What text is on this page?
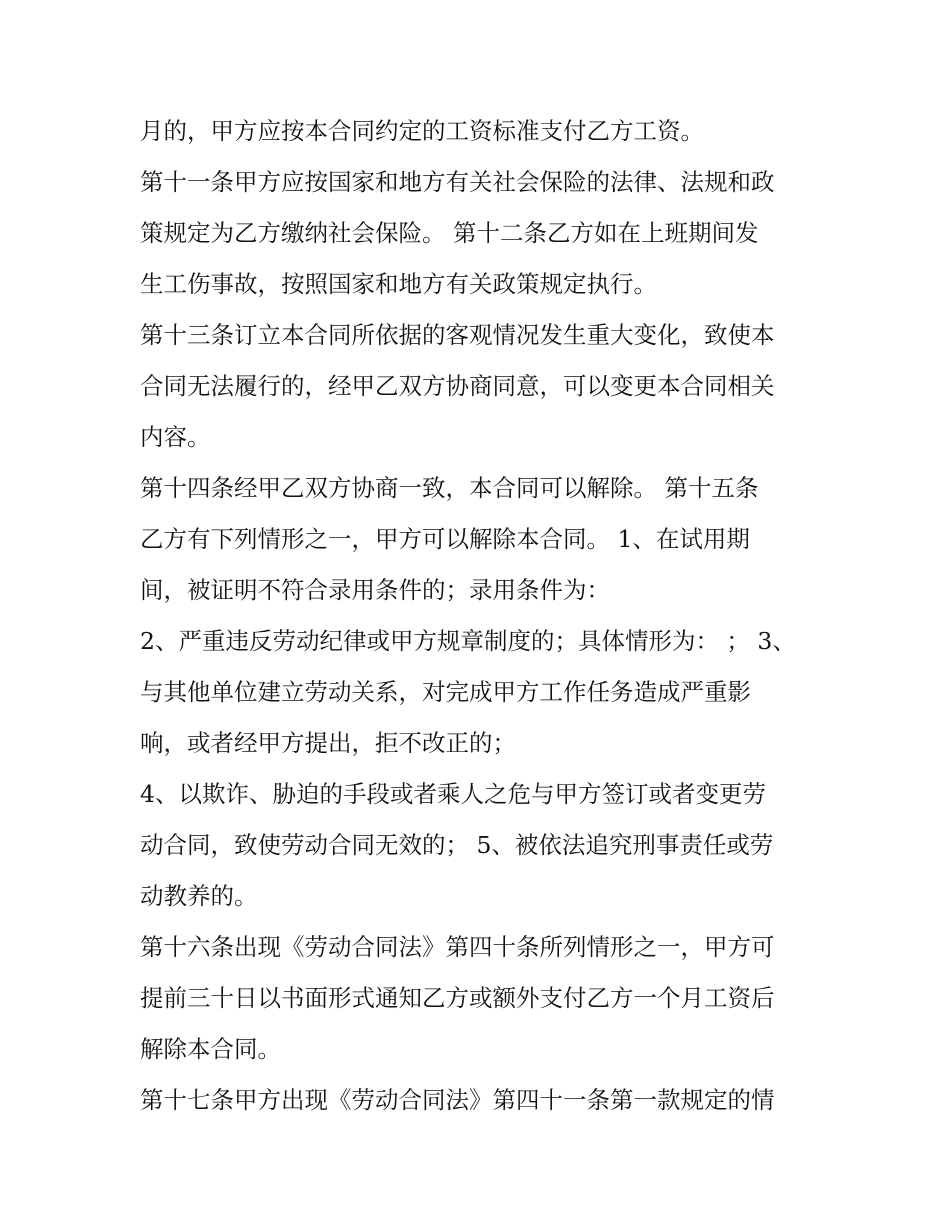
月的，甲方应按本合同约定的工资标准支付乙方工资。
第十一条甲方应按国家和地方有关社会保险的法律、法规和政
策规定为乙方缴纳社会保险。 第十二条乙方如在上班期间发
生工伤事故，按照国家和地方有关政策规定执行。
第十三条订立本合同所依据的客观情况发生重大变化，致使本
合同无法履行的，经甲乙双方协商同意，可以变更本合同相关
内容。
第十四条经甲乙双方协商一致，本合同可以解除。 第十五条
乙方有下列情形之一，甲方可以解除本合同。 1、在试用期
间，被证明不符合录用条件的；录用条件为：
2、严重违反劳动纪律或甲方规章制度的；具体情形为： ； 3、
与其他单位建立劳动关系，对完成甲方工作任务造成严重影
响，或者经甲方提出，拒不改正的；
4、以欺诈、胁迫的手段或者乘人之危与甲方签订或者变更劳
动合同，致使劳动合同无效的； 5、被依法追究刑事责任或劳
动教养的。
第十六条出现《劳动合同法》第四十条所列情形之一，甲方可
提前三十日以书面形式通知乙方或额外支付乙方一个月工资后
解除本合同。
第十七条甲方出现《劳动合同法》第四十一条第一款规定的情
